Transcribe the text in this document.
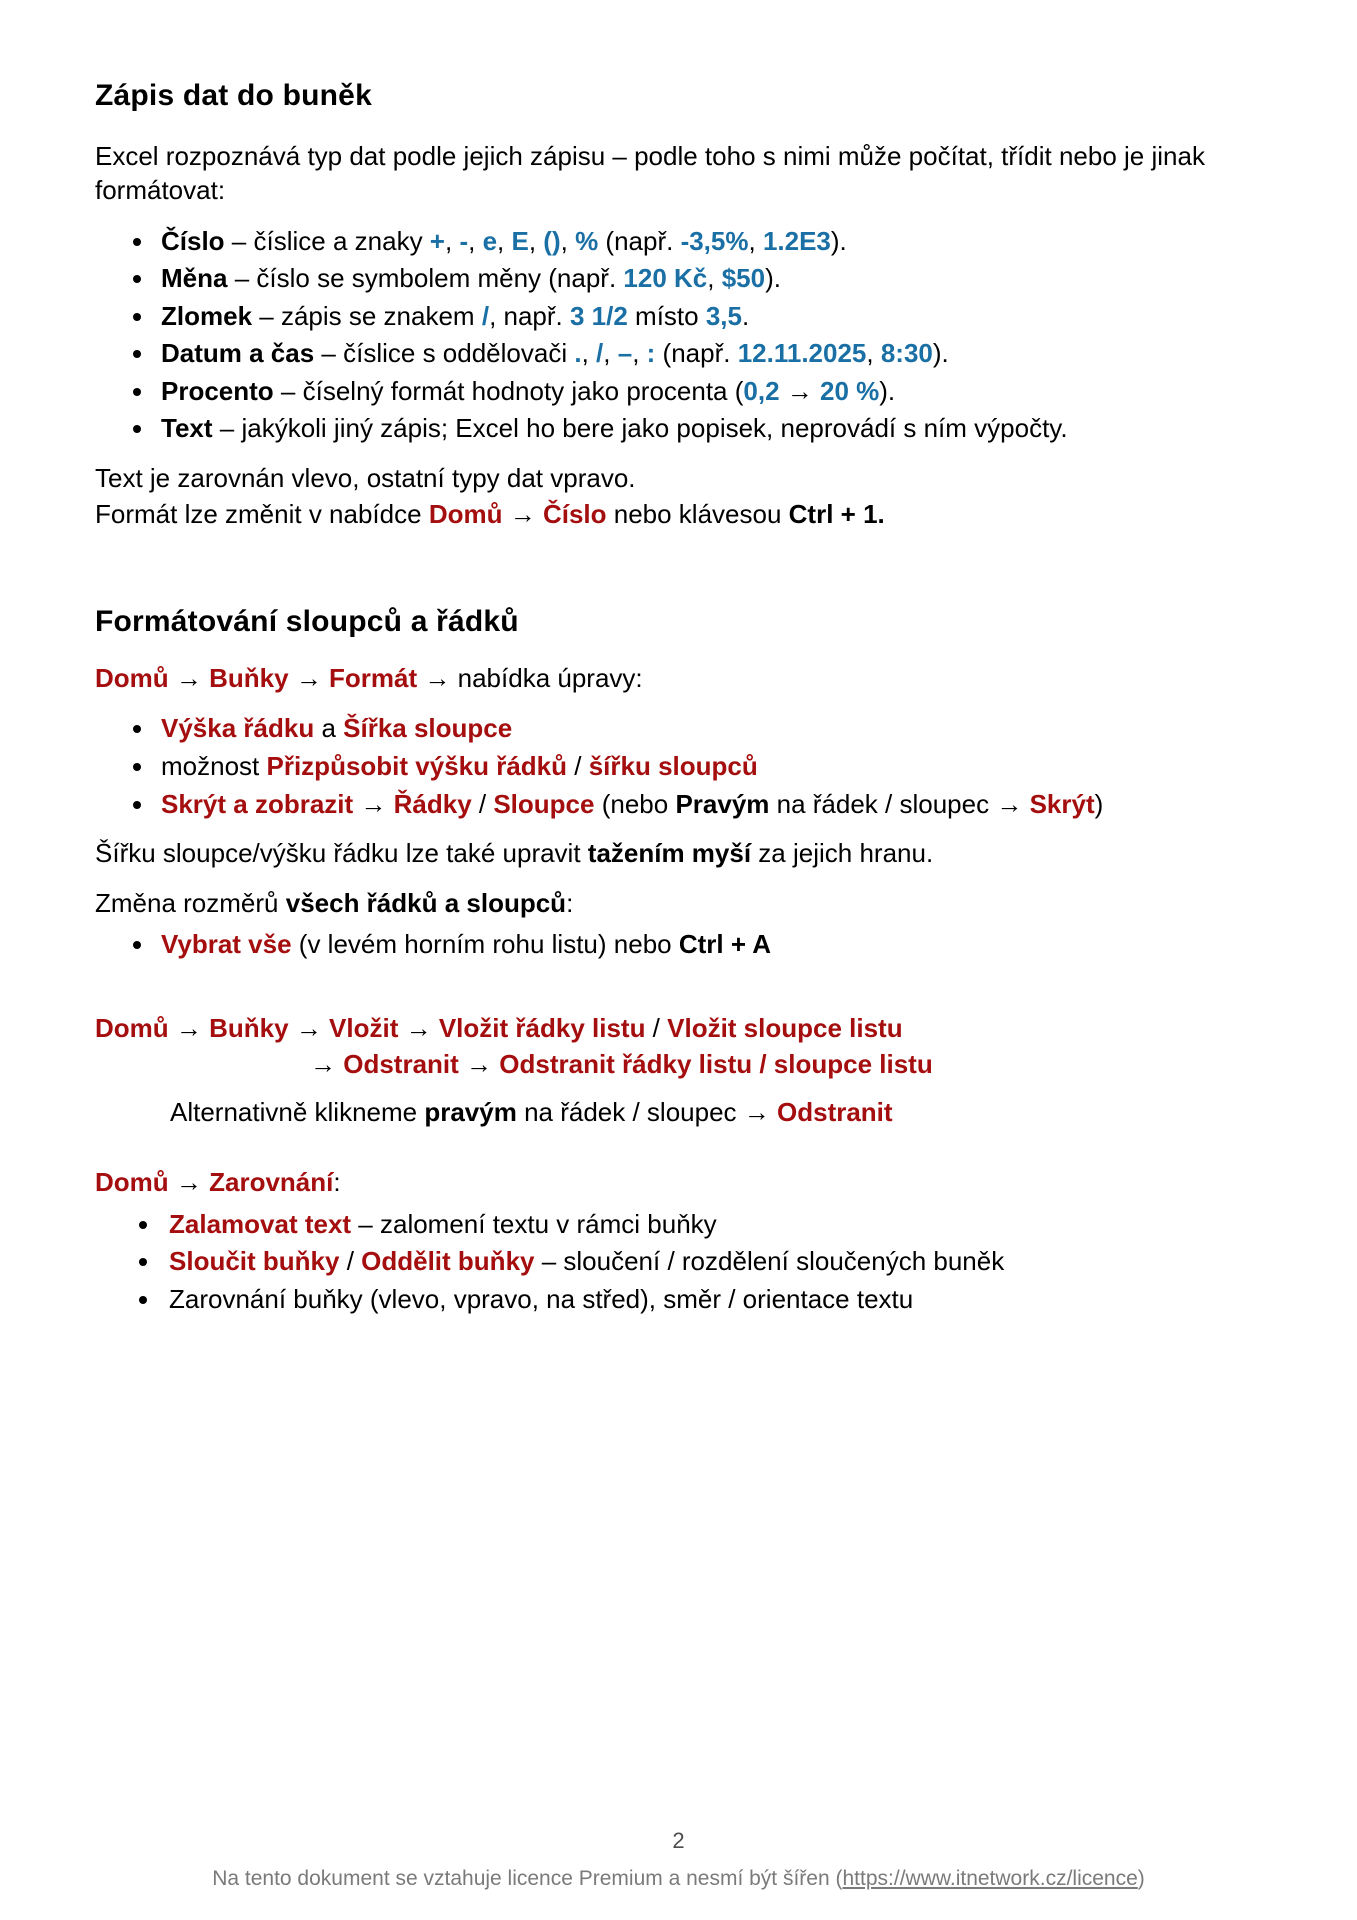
Zápis dat do buněk

Excel rozpoznává typ dat podle jejich zápisu – podle toho s nimi může počítat, třídit nebo je jinak formátovat:

Číslo – číslice a znaky +, -, e, E, (), % (např. -3,5%, 1.2E3).
Měna – číslo se symbolem měny (např. 120 Kč, $50).
Zlomek – zápis se znakem /, např. 3 1/2 místo 3,5.
Datum a čas – číslice s oddělovači ., /, –, : (např. 12.11.2025, 8:30).
Procento – číselný formát hodnoty jako procenta (0,2 → 20 %).
Text – jakýkoli jiný zápis; Excel ho bere jako popisek, neprovádí s ním výpočty.

Text je zarovnán vlevo, ostatní typy dat vpravo.

Formát lze změnit v nabídce Domů → Číslo nebo klávesou Ctrl + 1.

Formátování sloupců a řádků

Domů → Buňky → Formát → nabídka úpravy:

Výška řádku a Šířka sloupce
možnost Přizpůsobit výšku řádků / šířku sloupců
Skrýt a zobrazit → Řádky / Sloupce (nebo Pravým na řádek / sloupec → Skrýt)

Šířku sloupce/výšku řádku lze také upravit tažením myší za jejich hranu.

Změna rozměrů všech řádků a sloupců:

Vybrat vše (v levém horním rohu listu) nebo Ctrl + A

Domů → Buňky → Vložit → Vložit řádky listu / Vložit sloupce listu

→ Odstranit → Odstranit řádky listu / sloupce listu

Alternativně klikneme pravým na řádek / sloupec → Odstranit

Domů → Zarovnání:

Zalamovat text – zalomení textu v rámci buňky
Sloučit buňky / Oddělit buňky – sloučení / rozdělení sloučených buněk
Zarovnání buňky (vlevo, vpravo, na střed), směr / orientace textu
2
Na tento dokument se vztahuje licence Premium a nesmí být šířen (https://www.itnetwork.cz/licence)
